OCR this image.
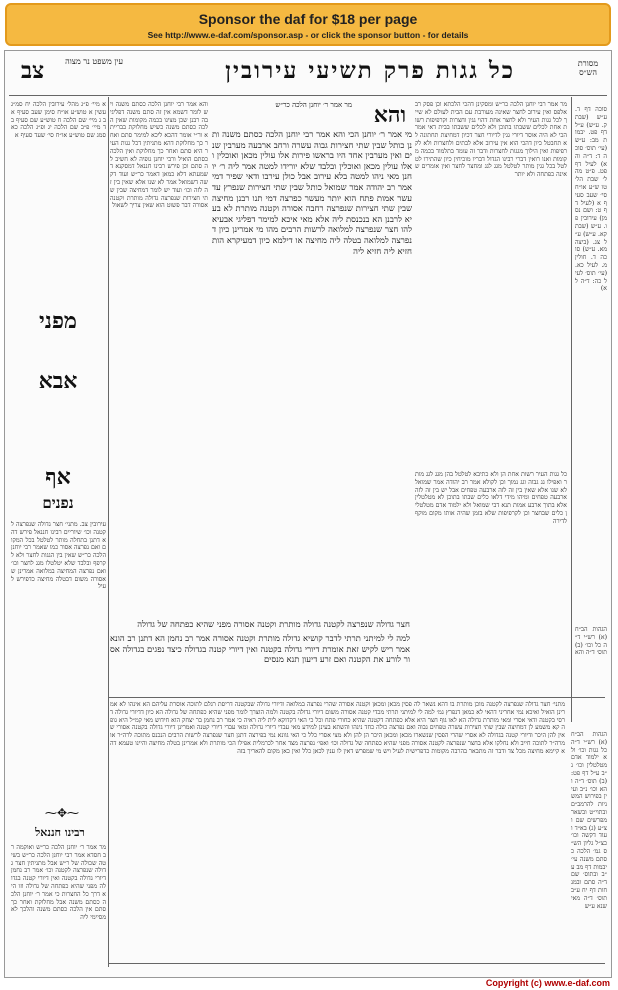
Sponsor the daf for $18 per page
See http://www.e-daf.com/sponsor.asp - or click the sponsor button - for details
מסורת הש״ס
כל גגות פרק תשיעי עירובין
עין משפט נר מצוה
צב
סוכה דף ד. ע״ש (שבת ק. ע״ש) ע״ל דף פט. יבמות מב: ע״ש (עי׳ תוס׳ סוכה ד: ד״ה והא) לעיל דף פט. פ״ט מהל׳ שבת הל׳ טו ש״ע או״ח סי׳ שעב סעיף א (לעיל דף ט: ושם נסמן) עירובין פו. ע״ש (שבת קא. ע״ש) ע״ל צג. (ביצה מא. ע״ש) סוכה ד. חולין מ. לעיל כא. (עי׳ תוס׳ לעיל כה: ד״ה לא)
הגהות הב״ח (א) רש״י ד״ה כל וכו׳ (ב) תוס׳ ד״ה והא
מר אמר רבי יוחנן הלכה כר״ש ומסקינן דהכי הלכתא וכן פסק רב אלפס ואין עירוב לחצר שאינה מעורבת עם הבית לעולם לא שייך לכל גגות העיר ולא לחצר אחת דהוי גגין וחצרות וקרפיפות רשות אחת לכלים ששבתו בתוכן ולא לכלים ששבתו בבית דאי אמר הכי לא היה אוסר דיורי גגין לדיורי חצר דכיון דמחיצת תחתונה לא תחבטל כיון דהכי הוא אין עירוב אלא לבתים ולחצרות ולא לקרפיפות ואין הילוך מגגות לחצרות ודבר זה עומד בתלמוד בכמה מקומות ואנו רואין דברי רבינו הגדול דבריו מוכיחין כיון שהתירו לטלטל בכל גגין מותר לטלטל מגג לגג ומחצר לחצר ואין אומרים שאינה כפתחה ולא יותר
כל גגות העיר רשות אחת הן ולא כתיבא לטלטל בהן מגג לגג מותר ואפילו גג גבוה וגג נמוך וכן לקולא אמר רב יהודה אמר שמואל לא שנו אלא שאין בין זה לזה ארבעה טפחים אבל יש בין זה לזה ארבעה טפחים ומיהו מידי דלאו כלים שבתו בתוכן לא מטלטלין אלא בתוך ארבע אמות תנא דבי שמואל ולא ילמוד אדם מטלטלין כלים שבחצר וכן לקרפיפות שלא בזמן שהיה אותו מקום מוקף לדירה
והא
מי אמר ר׳ יוחנן הכי והא אמר רבי יוחנן הלכה כסתם משנה ותנן כותל שבין שתי חצירות גבוה עשרה ורחב ארבעה מערבין שנים ואין מערבין אחד היו בראשו פירות אלו עולין מכאן ואוכלין ואלו עולין מכאן ואוכלין ובלבד שלא יורידו למטה אמר ליה ר׳ יוחנן מאי ניהו למטה בלא עירוב אבל כולן עירבו ודאי שפיר דמי אמר רב יהודה אמר שמואל כותל שבין שתי חצירות שנפרץ עד עשר אמות פתח הוא יותר מעשר כפרצה דמי תנו רבנן מחיצה שבין שתי חצירות שנפרצה רחבה אסורה וקטנה מותרת לא בעיא לרבנן הא בנכנסת ליה אלא מאי איכא למימר דפליגי אבעיא להו חצר שנפרצה למלואה לרשות הרבים מהו מי אמרינן כיון דנפרצה למלואה בטלה ליה מחיצה או דילמא כיון דמעיקרא הות חזיא ליה חזיא ליה
מר אמר ר׳ יוחנן הלכה כר״ש
חצר גדולה שנפרצה לקטנה גדולה מותרת וקטנה אסורה מפני שהיא כפתחה של גדולה
למה לי למיתני תרתי לדבר קושיא גדולה מותרת וקטנה אסורה אמר רב נחמן הא דתנן רב הונא אמר ריש לקיש זאת אומרת דיורי גדולה בקטנה ואין דיורי קטנה בגדולה כיצד נפגים בגדולה אסור לורע את הקטנה ואם זרע דיעון תנא מנסים
והא אמר רבי יוחנן הלכה כסתם משנה ויש לומר דשמא אין זה סתם משנה דפליגי בה רבנן שכן מצינו בכמה מקומות שאין הלכה כסתם משנה כשיש מחלוקת בברייתא ור״י אומר דהכא ליכא למימר סתם ואחר כך מחלוקת דהא מתניתין דכל גגות העיר היא סתם ואחר כך מחלוקת ואין הלכה כסתם הואיל ורבי יוחנן גופיה לא חשיב לה סתם וכן פירש רבינו חננאל דמסקנא דשמעתא דלא כמאן דאמר כר״ש ועוד דקשה דשמואל אמר לא שנו אלא שאין בין זה לזה וכו׳ ועוד יש לומר דמחיצה שבין שתי חצירות שנפרצה גדולה מותרת וקטנה אסורה דבר פשוט הוא שאין צריך לשאול
א מיי׳ פ״ג מהל׳ עירובין הלכה יח סמ״ג עשין א טוש״ע או״ח סימן שעב סעיף א ב ג מיי׳ שם הלכה ח טוש״ע שם סעיף ב ד מיי׳ פ״ב שם הלכה יג ופ״ג הלכה כא סמג שם טוש״ע או״ח סי׳ שעד סעיף א
מפני
אבא
אף
נפנים
עירובין צב. מתני׳ חצר גדולה שנפרצה לקטנה וכו׳ שיוריים רבינו חננאל פירש דהא דתנן בתחלה מותר לטלטל בכל המקום ואם נפרצה אסור כמו שאמר רבי יוחנן הלכה כר״ש שאין בין הגגות לחצר ולא לקרפף ובלבד שלא יטלטלו מגג לחצר וכו׳ ואם נפרצה המחיצה במלואה אמרינן שאסורה משום דבטלה מחיצה כדפירש לעיל
⁓✥⁓
רבינו חננאל
מר אמר ר׳ יוחנן הלכה כר״ש ואוקמה רב חסדא אמר רבי יוחנן הלכה כר״ש בשיטה שכולה של ר״ש אבל מתניתין חצר גדולה שנפרצה לקטנה וכו׳ אמר רב נחמן דיורי גדולה בקטנה ואין דיורי קטנה בגדולה מפני שהיא כפתחה של גדולה וזו היא דרך כל החצרות כי אמר ר׳ יוחנן הלכה כסתם משנה אבל מחלוקת ואחר כך סתם אין הלכה כסתם משנה והלכך לא מסיימי ליה
מתני׳ חצר גדולה שנפרצה לקטנה מוכן מותרת בו דהא נשאר לה פסין מכאן ומכאן וקטנה אסורה שהרי נפרצה במלואה ודיורי גדולה שבקטנה דריסת רגלם לתוכה אוסרת עליהם הא אינהו לא אמרינן הואיל ואיכא נמי אחריני דהאי לא כמאן דנפרץ גמ׳ למה לי למיתני תרתי מכדי קטנה אסורה משום דיורי גדולה בקטנה ולמה הוצרך לומר מפני שהיא כפתחה של גדולה הא כיון דדיורי גדולה דרסי בקטנה ודאי אסרי ומאי מותרת גדולה הא לאו גוף חצר היא אלא כפתחה דקטנה שהיא כחורי פתח וכל כי האי דקדוקא לית ליה ראיה כי אמר רב נחמן בר יצחק הוא חידוש מאי קמ״ל היא גופה קא משמע לן דמחיצה שבין שתי חצירות עשרה טפחים גבוה ואם נפרצה כולה כחד נינהו והשתא בעינן למידע מאי עבדי דיורי גדולה ומאי עבדי דיורי קטנה ואמרינן דיורי גדולה בקטנה אסורי שאין להן היכר ודיורי קטנה בגדולה לא אסרי שהרי הפסין שנשארו מכאן ומכאן היכר הן להן ולא מצי אסרי כלל כי האי גוונא נמי בפירצה דתנן חצר שנפרצה לרשות הרבים הנכנס מתוכה לרה״ר או מרה״ר לתוכה חייב ולא נחלקו אלא בחצר שנפרצה לקטנה אסורה מפני שהיא כפתחה של גדולה וכו׳ ואפי׳ נפרצה מצד אחר לכרמלית אפילו הכי מותרת ולא אמרינן בטלה מחיצה והיינו טעמא דהא קיימא מחיצה מכל צד ודבר זה מתבאר בהרבה מקומות כדפרישית לעיל ויש מי שמפרש דאין לו ענין לכאן כלל ואין כאן מקום להאריך בזה
הגהות הב״ח (א) רש״י ד״ה כל גגות וכו׳ ולא ילמוד אדם מטלטלין וכו׳ נ״ב ע״ל דף פט: (ב) תוס׳ ד״ה והא וכו׳ נ״ב ועיין בפירוש המשניות להרמב״ם ובתוי״ט ובשאר מפרשים שם וצ״ע (ג) בא״ד ועוד דקשה וכו׳ כצ״ל גליון הש״ס גמ׳ הלכה כסתם משנה עי׳ יבמות דף מב ע״ב ובתוס׳ שם ד״ה סתם ובמנחות דף יח ע״ב תוס׳ ד״ה מאי שנא ע״ש
Copyright (c) www.e-daf.com
